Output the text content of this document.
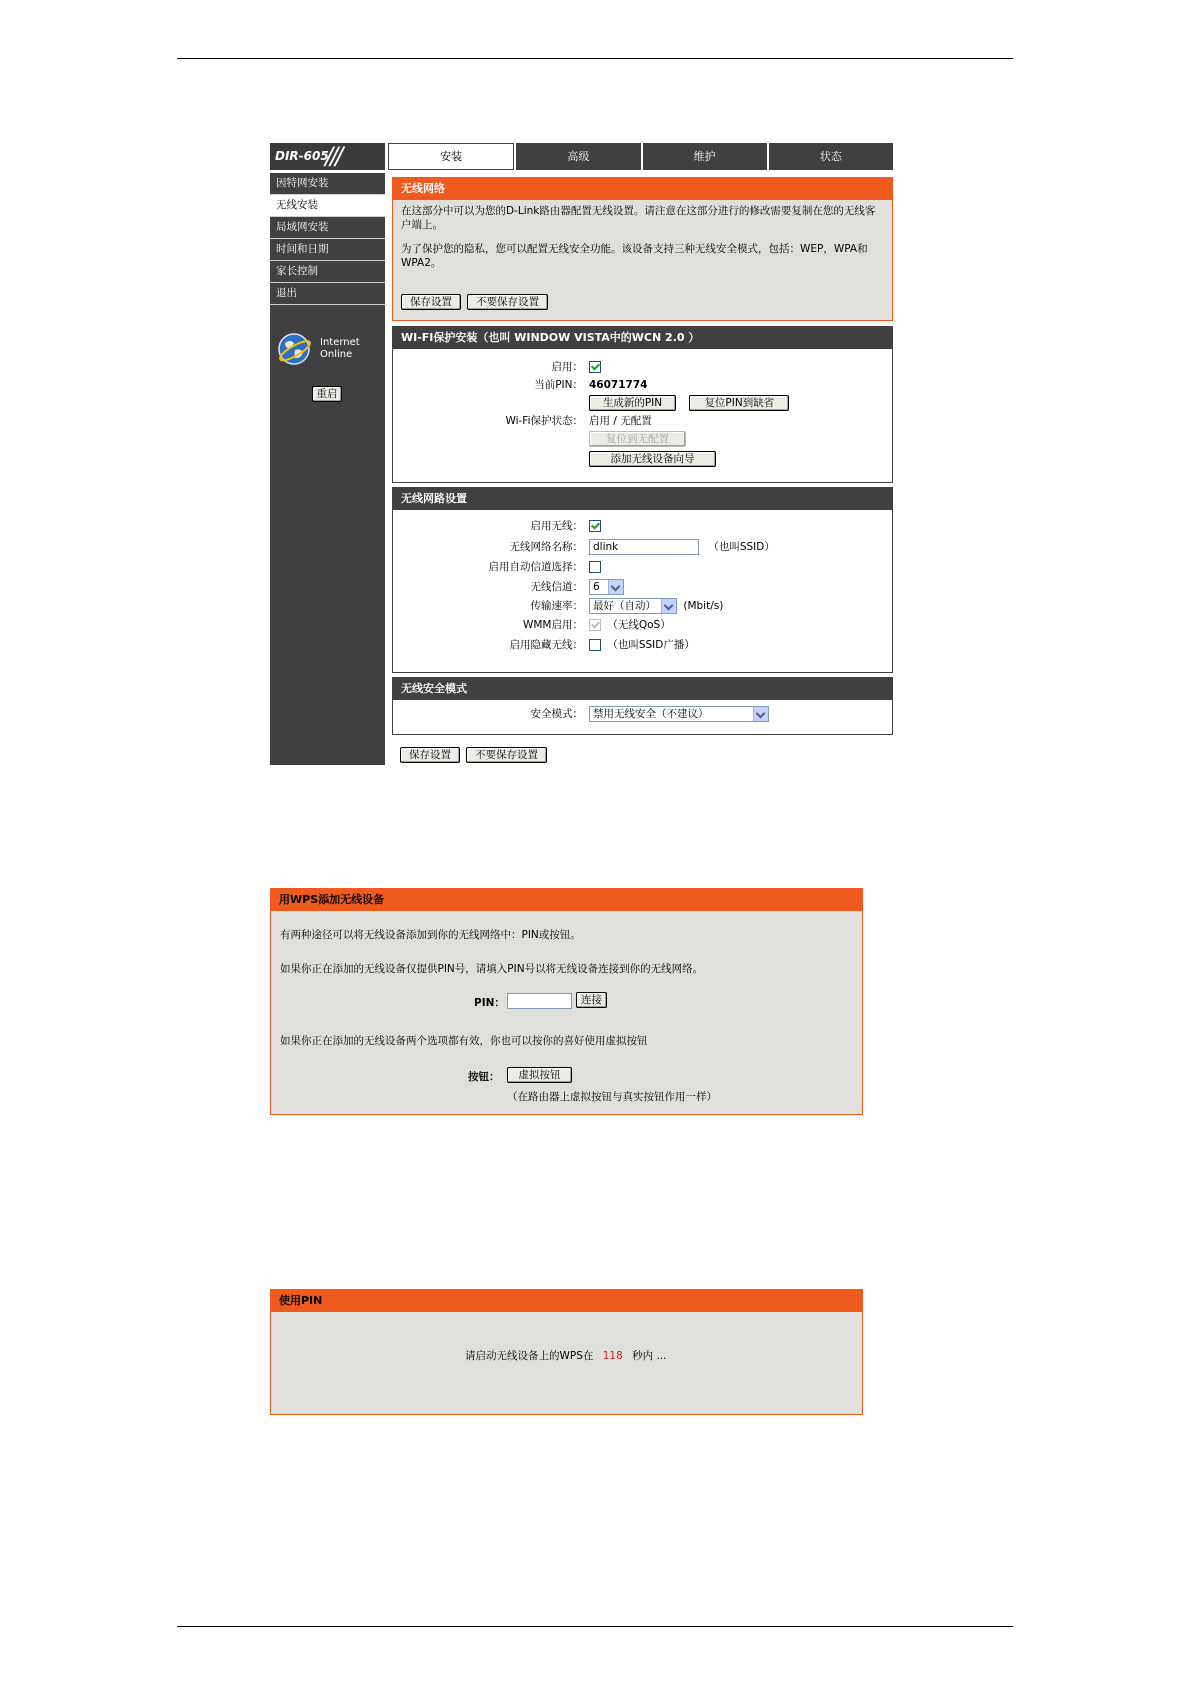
DIR-605
///	安装	高级	维护	状态
因特网安装
无线安装
局域网安装
时间和日期
家长控制
退出
Internet
Online
重启
无线网络
在这部分中可以为您的D-Link路由器配置无线设置。请注意在这部分进行的修改需要复制在您的无线客户端上。
为了保护您的隐私，您可以配置无线安全功能。该设备支持三种无线安全模式，包括：WEP，WPA和WPA2。
保存设置	不要保存设置
WI-FI保护安装（也叫 WINDOW VISTA中的WCN 2.0 ）
启用：
当前PIN： 46071774
生成新的PIN	复位PIN到缺省
Wi-Fi保护状态： 启用 / 无配置
复位到无配置
添加无线设备向导
无线网路设置
启用无线：
无线网络名称： dlink	（也叫SSID）
启用自动信道选择：
无线信道： 6
传输速率： 最好（自动）	(Mbit/s)
WMM启用：	（无线QoS）
启用隐藏无线：	（也叫SSID广播）
无线安全模式
安全模式： 禁用无线安全（不建议）
保存设置	不要保存设置
用WPS添加无线设备
有两种途径可以将无线设备添加到你的无线网络中：PIN或按钮。
如果你正在添加的无线设备仅提供PIN号，请填入PIN号以将无线设备连接到你的无线网络。
PIN：	连接
如果你正在添加的无线设备两个选项都有效，你也可以按你的喜好使用虚拟按钮
按钮：	虚拟按钮
（在路由器上虚拟按钮与真实按钮作用一样）
使用PIN
请启动无线设备上的WPS在 118 秒内 ...
